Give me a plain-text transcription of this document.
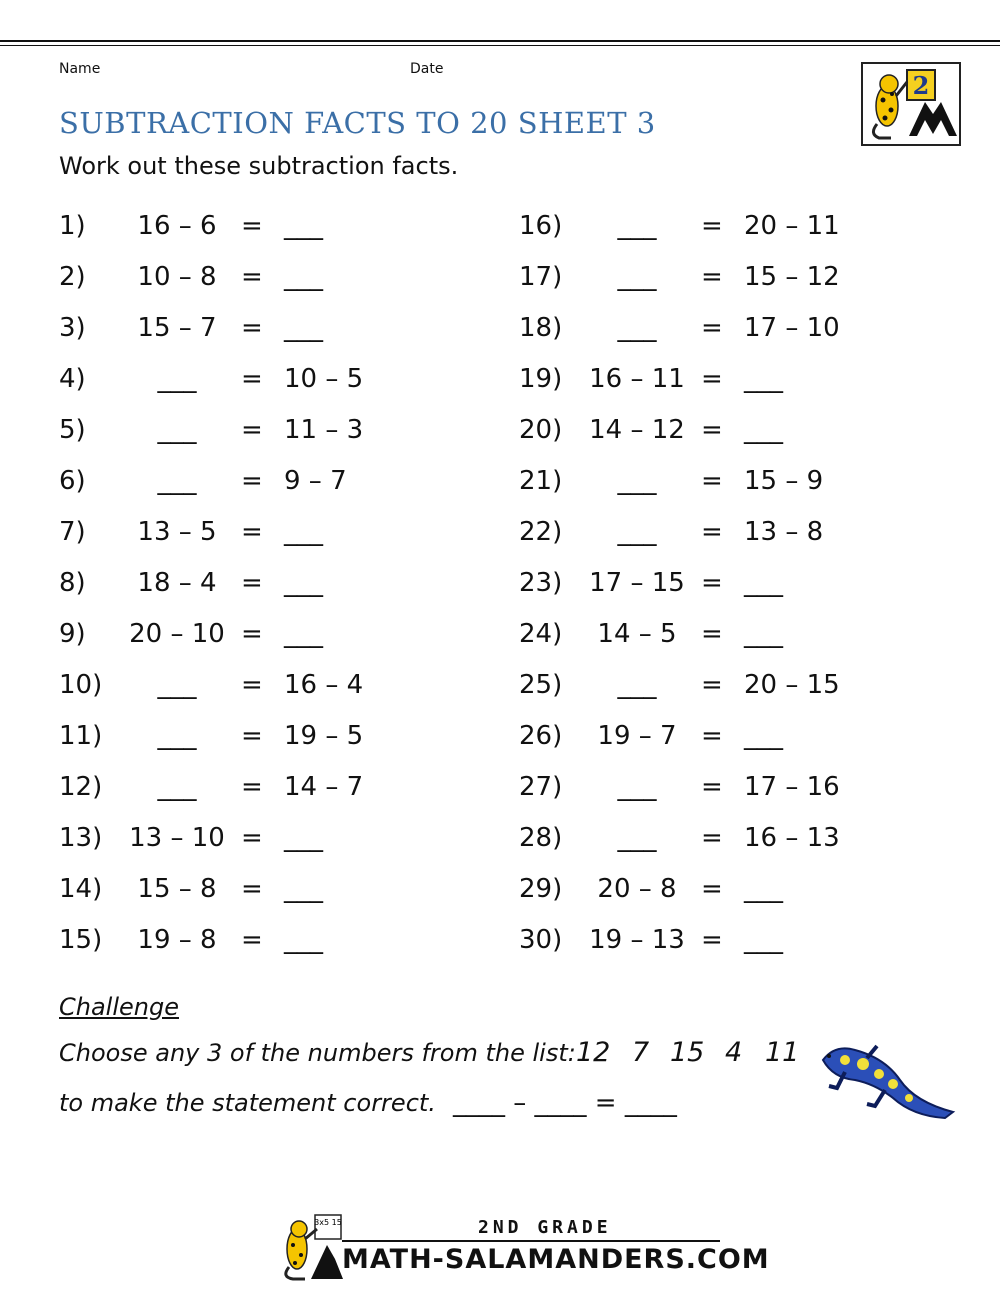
Name	Date
2
SUBTRACTION FACTS TO 20 SHEET 3
Work out these subtraction facts.
1)	16 – 6 = ___
2)	10 – 8 = ___
3)	15 – 7 = ___
4)	___	= 10 – 5
5)	___	= 11 – 3
6)	___	= 9 – 7
7)	13 – 5 = ___
8)	18 – 4 = ___
9)	20 – 10 = ___
10)	___	= 16 – 4
11)	___	= 19 – 5
12)	___	= 14 – 7
13)	13 – 10 = ___
14)	15 – 8 = ___
15)	19 – 8 = ___
16)	___	= 20 – 11
17)	___	= 15 – 12
18)	___	= 17 – 10
19)	16 – 11 = ___
20)	14 – 12 = ___
21)	___	= 15 – 9
22)	___	= 13 – 8
23)	17 – 15 = ___
24)	14 – 5 = ___
25)	___	= 20 – 15
26)	19 – 7 = ___
27)	___	= 17 – 16
28)	___	= 16 – 13
29)	20 – 8 = ___
30)	19 – 13 = ___
Challenge
Choose any 3 of the numbers from the list: 12 7 15 4 11
to make the statement correct. ____ – ____ = ____
3x5 15	2ND GRADE
MATH-SALAMANDERS.COM
